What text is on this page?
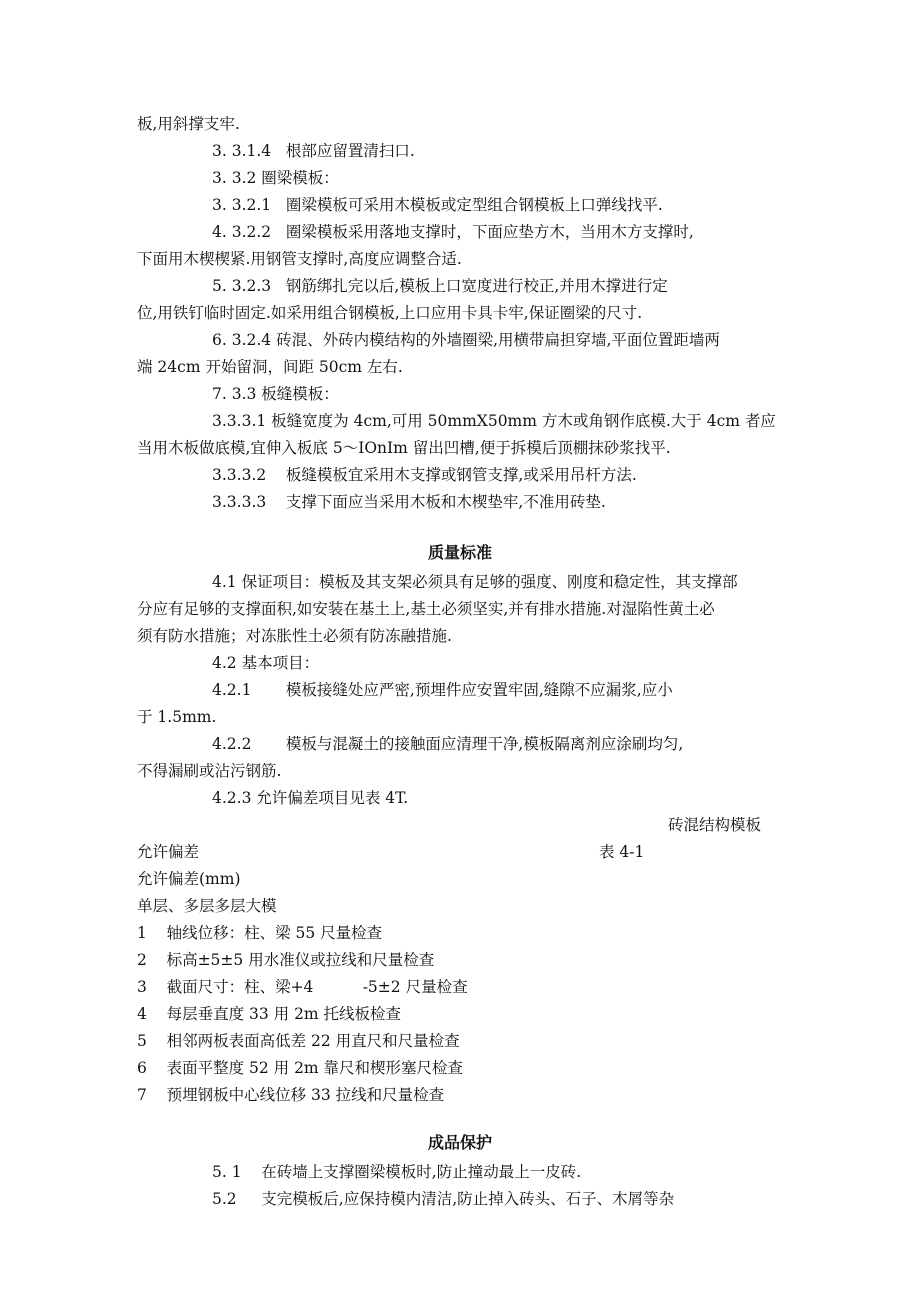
板,用斜撑支牢.
3. 3.1.4   根部应留置清扫口.
3. 3.2 圈梁模板：
3. 3.2.1   圈梁模板可采用木模板或定型组合钢模板上口弹线找平.
4. 3.2.2   圈梁模板采用落地支撑时，下面应垫方木，当用木方支撑时,
下面用木楔楔紧.用钢管支撑时,高度应调整合适.
5. 3.2.3   钢筋绑扎完以后,模板上口宽度进行校正,并用木撑进行定
位,用铁钉临时固定.如采用组合钢模板,上口应用卡具卡牢,保证圈梁的尺寸.
6. 3.2.4 砖混、外砖内模结构的外墙圈梁,用横带扁担穿墙,平面位置距墙两
端 24cm 开始留洞，间距 50cm 左右.
7. 3.3 板缝模板：
3.3.3.1 板缝宽度为 4cm,可用 50mmX50mm 方木或角钢作底模.大于 4cm 者应
当用木板做底模,宜伸入板底 5～IOnIm 留出凹槽,便于拆模后顶棚抹砂浆找平.
3.3.3.2    板缝模板宜采用木支撑或钢管支撑,或采用吊杆方法.
3.3.3.3    支撑下面应当采用木板和木楔垫牢,不准用砖垫.
质量标准
4.1 保证项目：模板及其支架必须具有足够的强度、刚度和稳定性，其支撑部
分应有足够的支撑面积,如安装在基土上,基土必须坚实,并有排水措施.对湿陷性黄土必
须有防水措施；对冻胀性土必须有防冻融措施.
4.2 基本项目：
4.2.1       模板接缝处应严密,预埋件应安置牢固,缝隙不应漏浆,应小
于 1.5mm.
4.2.2       模板与混凝土的接触面应清理干净,模板隔离剂应涂刷均匀,
不得漏刷或沾污钢筋.
4.2.3 允许偏差项目见表 4T.
砖混结构模板
允许偏差	表 4-1
允许偏差(mm)
单层、多层多层大模
1    轴线位移：柱、梁 55 尺量检查
2    标高±5±5 用水准仪或拉线和尺量检查
3    截面尺寸：柱、梁+4          -5±2 尺量检查
4    每层垂直度 33 用 2m 托线板检查
5    相邻两板表面高低差 22 用直尺和尺量检查
6    表面平整度 52 用 2m 靠尺和楔形塞尺检查
7    预埋钢板中心线位移 33 拉线和尺量检查
成品保护
5. 1    在砖墙上支撑圈梁模板时,防止撞动最上一皮砖.
5.2     支完模板后,应保持模内清洁,防止掉入砖头、石子、木屑等杂
